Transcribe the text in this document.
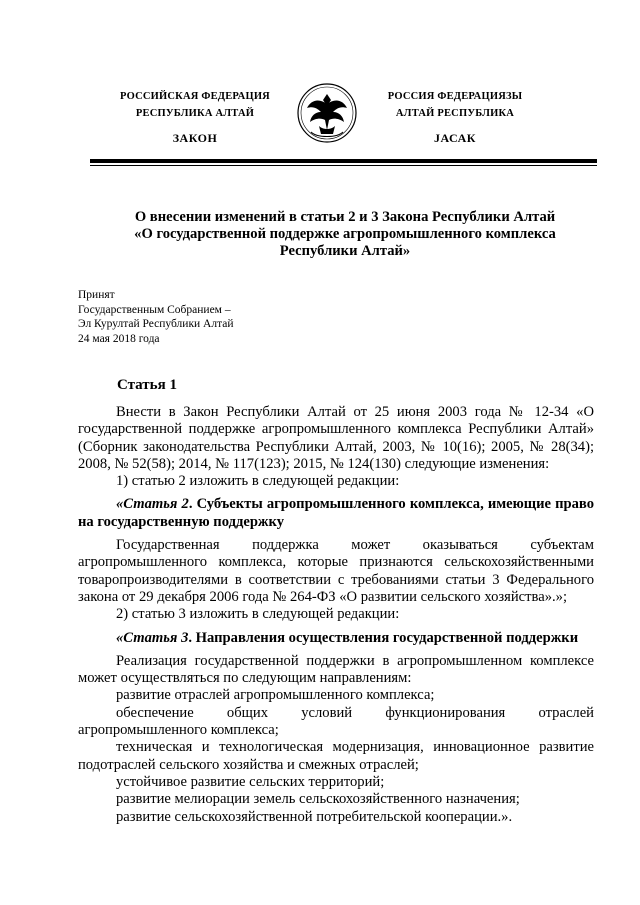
РОССИЙСКАЯ ФЕДЕРАЦИЯ
РЕСПУБЛИКА АЛТАЙ
ЗАКОН
РОССИЯ ФЕДЕРАЦИЯЗЫ
АЛТАЙ РЕСПУБЛИКА
JАСАК
О внесении изменений в статьи 2 и 3 Закона Республики Алтай
«О государственной поддержке агропромышленного комплекса
Республики Алтай»
Принят
Государственным Собранием –
Эл Курултай Республики Алтай
24 мая 2018 года
Статья 1

Внести в Закон Республики Алтай от 25 июня 2003 года № 12-34 «О государственной поддержке агропромышленного комплекса Республики Алтай» (Сборник законодательства Республики Алтай, 2003, № 10(16); 2005, № 28(34); 2008, № 52(58); 2014, № 117(123); 2015, № 124(130) следующие изменения:

1) статью 2 изложить в следующей редакции:

«Статья 2. Субъекты агропромышленного комплекса, имеющие право на государственную поддержку

Государственная поддержка может оказываться субъектам агропромышленного комплекса, которые признаются сельскохозяйственными товаропроизводителями в соответствии с требованиями статьи 3 Федерального закона от 29 декабря 2006 года № 264-ФЗ «О развитии сельского хозяйства».»;

2) статью 3 изложить в следующей редакции:

«Статья 3. Направления осуществления государственной поддержки

Реализация государственной поддержки в агропромышленном комплексе может осуществляться по следующим направлениям:

развитие отраслей агропромышленного комплекса;

обеспечение общих условий функционирования отраслей агропромышленного комплекса;

техническая и технологическая модернизация, инновационное развитие подотраслей сельского хозяйства и смежных отраслей;

устойчивое развитие сельских территорий;

развитие мелиорации земель сельскохозяйственного назначения;

развитие сельскохозяйственной потребительской кооперации.».
